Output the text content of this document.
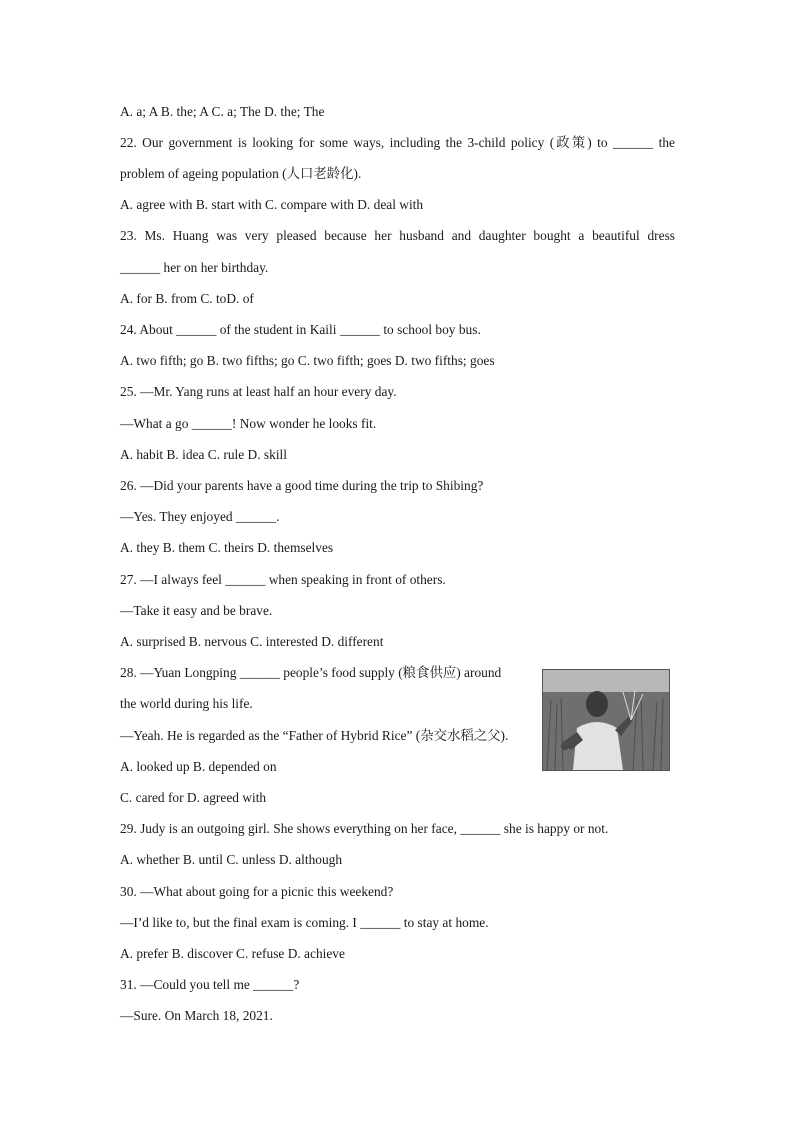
A. a; A B. the; A C. a; The D. the; The
22. Our government is looking for some ways, including the 3-child policy (政策) to ______ the
problem of ageing population (人口老龄化).
A. agree with B. start with C. compare with D. deal with
23. Ms. Huang was very pleased because her husband and daughter bought a beautiful dress
______ her on her birthday.
A. for B. from C. toD. of
24. About ______ of the student in Kaili ______ to school boy bus.
A. two fifth; go B. two fifths; go C. two fifth; goes D. two fifths; goes
25. —Mr. Yang runs at least half an hour every day.
—What a go ______! Now wonder he looks fit.
A. habit B. idea C. rule D. skill
26. —Did your parents have a good time during the trip to Shibing?
—Yes. They enjoyed ______.
A. they B. them C. theirs D. themselves
27. —I always feel ______ when speaking in front of others.
—Take it easy and be brave.
A. surprised B. nervous C. interested D. different
28. —Yuan Longping ______ people’s food supply (粮食供应) around
the world during his life.
—Yeah. He is regarded as the “Father of Hybrid Rice” (杂交水稻之父).
A. looked up B. depended on
C. cared for D. agreed with
29. Judy is an outgoing girl. She shows everything on her face, ______ she is happy or not.
A. whether B. until C. unless D. although
30. —What about going for a picnic this weekend?
—I’d like to, but the final exam is coming. I ______ to stay at home.
A. prefer B. discover C. refuse D. achieve
31. —Could you tell me ______?
—Sure. On March 18, 2021.
